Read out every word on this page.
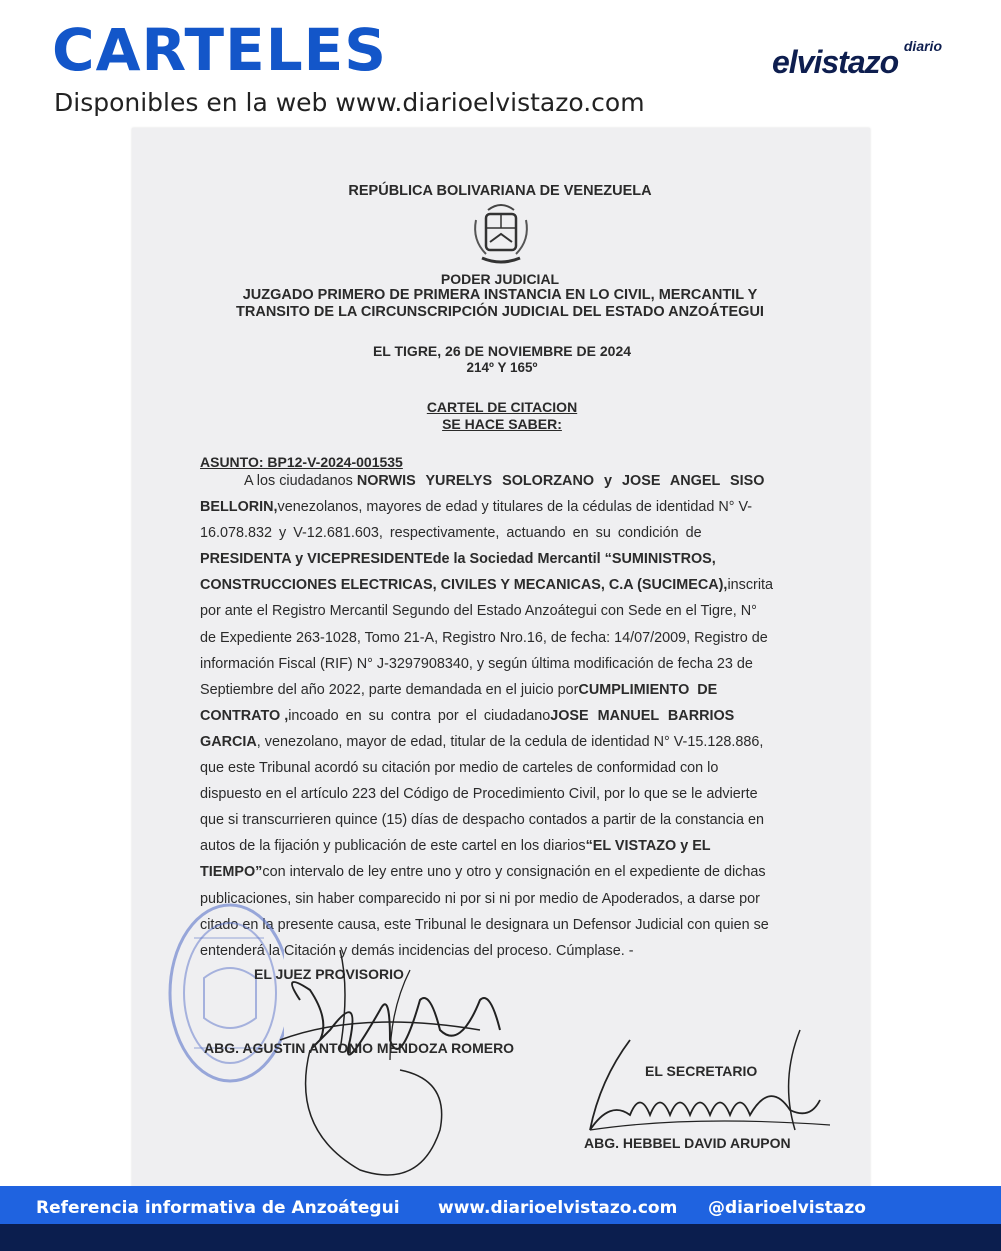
CARTELES
Disponibles en la web www.diarioelvistazo.com
diario
elvistazo
REPÚBLICA BOLIVARIANA DE VENEZUELA
PODER JUDICIAL
JUZGADO PRIMERO DE PRIMERA INSTANCIA EN LO CIVIL, MERCANTIL Y
TRANSITO DE LA CIRCUNSCRIPCIÓN JUDICIAL DEL ESTADO ANZOÁTEGUI
EL TIGRE, 26 DE NOVIEMBRE DE 2024
214º Y 165º
CARTEL DE CITACION
SE HACE SABER:
ASUNTO: BP12-V-2024-001535
A los ciudadanos
NORWIS YURELYS SOLORZANO y JOSE ANGEL SISO
BELLORIN, venezolanos, mayores de edad y titulares de la cédulas de identidad N° V-
16.078.832 y V-12.681.603, respectivamente, actuando en su condición de
PRESIDENTA y VICEPRESIDENTE de la Sociedad Mercantil “SUMINISTROS,
CONSTRUCCIONES ELECTRICAS, CIVILES Y MECANICAS, C.A (SUCIMECA), inscrita
por ante el Registro Mercantil Segundo del Estado Anzoátegui con Sede en el Tigre, N°
de Expediente 263-1028, Tomo 21-A, Registro Nro.16, de fecha: 14/07/2009, Registro de
información Fiscal (RIF) N° J-3297908340, y según última modificación de fecha 23 de
Septiembre del año 2022, parte demandada en el juicio por CUMPLIMIENTO DE
CONTRATO , incoado en su contra por el ciudadano JOSE MANUEL BARRIOS
GARCIA , venezolano, mayor de edad, titular de la cedula de identidad N° V-15.128.886,
que este Tribunal acordó su citación por medio de carteles de conformidad con lo
dispuesto en el artículo 223 del Código de Procedimiento Civil, por lo que se le advierte
que si transcurrieren quince (15) días de despacho contados a partir de la constancia en
autos de la fijación y publicación de este cartel en los diarios “EL VISTAZO y EL
TIEMPO” con intervalo de ley entre uno y otro y consignación en el expediente de dichas
publicaciones, sin haber comparecido ni por si ni por medio de Apoderados, a darse por
citado en la presente causa, este Tribunal le designara un Defensor Judicial con quien se
entenderá la Citación y demás incidencias del proceso. Cúmplase. -
EL JUEZ PROVISORIO
ABG. AGUSTIN ANTONIO MENDOZA ROMERO
EL SECRETARIO
ABG. HEBBEL DAVID ARUPON
Referencia informativa de Anzoátegui www.diarioelvistazo.com @diarioelvistazo
